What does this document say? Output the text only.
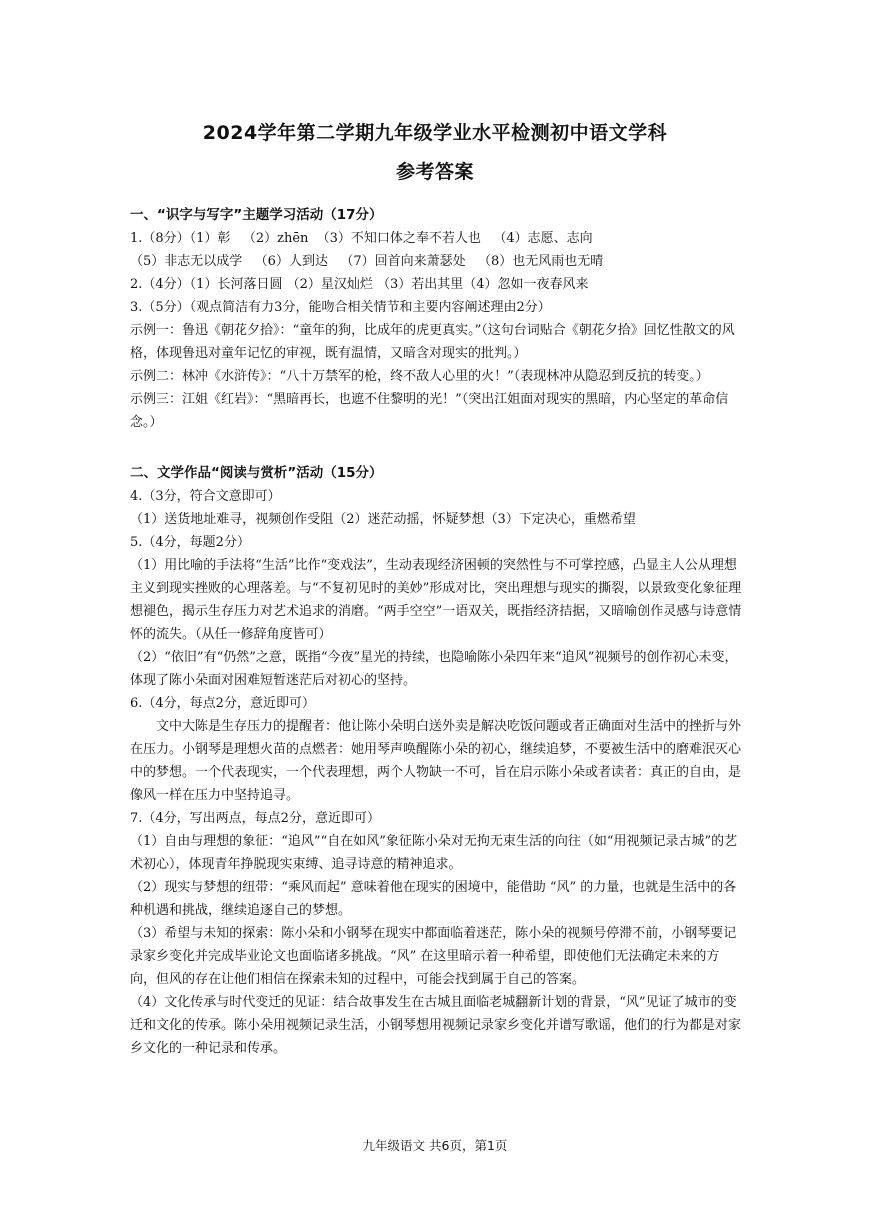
2024学年第二学期九年级学业水平检测初中语文学科
参考答案

一、“识字与写字”主题学习活动（17分）

1.（8分）（1）彰   （2）zhēn  （3）不知口体之奉不若人也   （4）志愿、志向

（5）非志无以成学   （6）人到达   （7）回首向来萧瑟处   （8）也无风雨也无晴

2.（4分）（1）长河落日圆 （2）星汉灿烂 （3）若出其里（4）忽如一夜春风来

3.（5分）（观点简洁有力3分，能吻合相关情节和主要内容阐述理由2分）

示例一：鲁迅《朝花夕拾》：“童年的狗，比成年的虎更真实。”（这句台词贴合《朝花夕拾》回忆性散文的风格，体现鲁迅对童年记忆的审视，既有温情，又暗含对现实的批判。）

示例二：林冲《水浒传》：“八十万禁军的枪，终不敌人心里的火！”（表现林冲从隐忍到反抗的转变。）

示例三：江姐《红岩》：“黑暗再长，也遮不住黎明的光！”（突出江姐面对现实的黑暗，内心坚定的革命信念。）

二、文学作品“阅读与赏析”活动（15分）

4.（3分，符合文意即可）

（1）送货地址难寻，视频创作受阻（2）迷茫动摇，怀疑梦想（3）下定决心，重燃希望

5.（4分，每题2分）

（1）用比喻的手法将“生活”比作“变戏法”，生动表现经济困顿的突然性与不可掌控感，凸显主人公从理想主义到现实挫败的心理落差。与“不复初见时的美妙”形成对比，突出理想与现实的撕裂，以景致变化象征理想褪色，揭示生存压力对艺术追求的消磨。“两手空空”一语双关，既指经济拮据，又暗喻创作灵感与诗意情怀的流失。（从任一修辞角度皆可）

（2）“依旧”有“仍然”之意，既指“今夜”星光的持续，也隐喻陈小朵四年来“追风”视频号的创作初心未变，体现了陈小朵面对困难短暂迷茫后对初心的坚持。

6.（4分，每点2分，意近即可）

文中大陈是生存压力的提醒者：他让陈小朵明白送外卖是解决吃饭问题或者正确面对生活中的挫折与外在压力。小钢琴是理想火苗的点燃者：她用琴声唤醒陈小朵的初心，继续追梦，不要被生活中的磨难泯灭心中的梦想。一个代表现实，一个代表理想，两个人物缺一不可，旨在启示陈小朵或者读者：真正的自由，是像风一样在压力中坚持追寻。

7.（4分，写出两点，每点2分，意近即可）

（1）自由与理想的象征：“追风”“自在如风”象征陈小朵对无拘无束生活的向往（如“用视频记录古城”的艺术初心），体现青年挣脱现实束缚、追寻诗意的精神追求。

（2）现实与梦想的纽带：“乘风而起” 意味着他在现实的困境中，能借助 “风” 的力量，也就是生活中的各种机遇和挑战，继续追逐自己的梦想。

（3）希望与未知的探索：陈小朵和小钢琴在现实中都面临着迷茫，陈小朵的视频号停滞不前，小钢琴要记录家乡变化并完成毕业论文也面临诸多挑战。“风” 在这里暗示着一种希望，即使他们无法确定未来的方向，但风的存在让他们相信在探索未知的过程中，可能会找到属于自己的答案。

（4）文化传承与时代变迁的见证：结合故事发生在古城且面临老城翻新计划的背景，“风”见证了城市的变迁和文化的传承。陈小朵用视频记录生活，小钢琴想用视频记录家乡变化并谱写歌谣，他们的行为都是对家乡文化的一种记录和传承。

九年级语文 共6页，第1页
